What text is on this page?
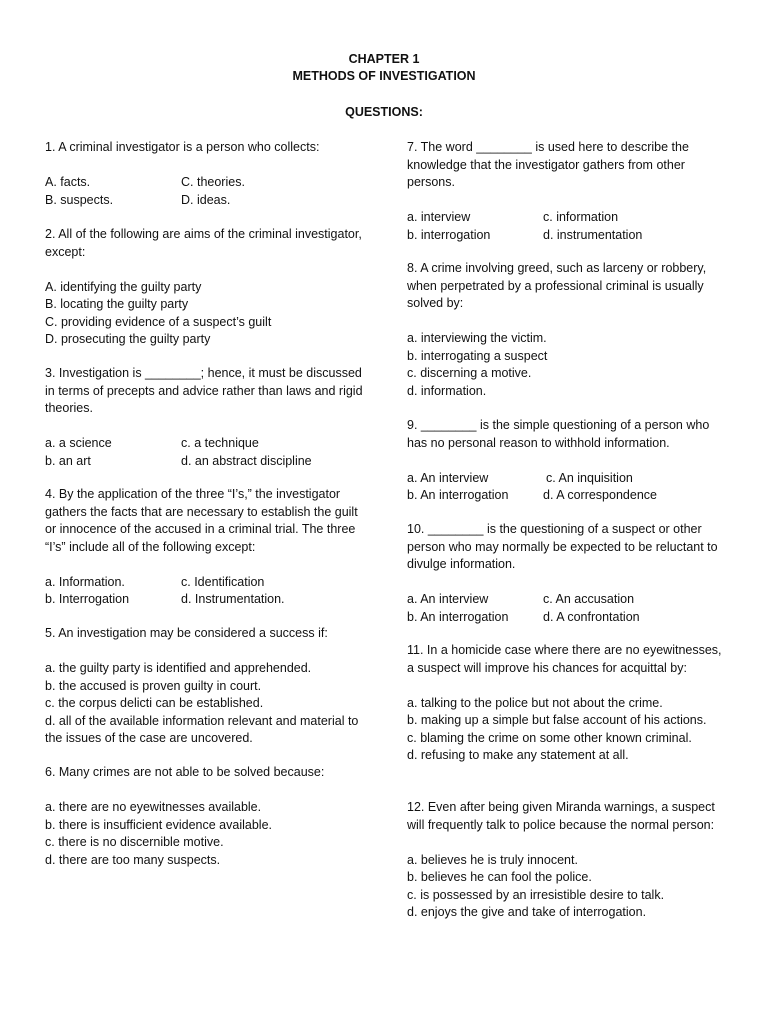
CHAPTER 1
METHODS OF INVESTIGATION
QUESTIONS:

1. A criminal investigator is a person who collects:

A. facts.	C. theories.
B. suspects.	D. ideas.

2. All of the following are aims of the criminal investigator, except:

A. identifying the guilty party
B. locating the guilty party
C. providing evidence of a suspect’s guilt
D. prosecuting the guilty party

3. Investigation is ________; hence, it must be discussed in terms of precepts and advice rather than laws and rigid theories.

a. a science	c. a technique
b. an art	d. an abstract discipline

4. By the application of the three “I’s,” the investigator gathers the facts that are necessary to establish the guilt or innocence of the accused in a criminal trial. The three “I’s” include all of the following except:

a. Information.	c. Identification
b. Interrogation	d. Instrumentation.

5. An investigation may be considered a success if:

a. the guilty party is identified and apprehended.
b. the accused is proven guilty in court.
c. the corpus delicti can be established.
d. all of the available information relevant and material to the issues of the case are uncovered.

6. Many crimes are not able to be solved because:

a. there are no eyewitnesses available.
b. there is insufficient evidence available.
c. there is no discernible motive.
d. there are too many suspects.

7. The word ________ is used here to describe the knowledge that the investigator gathers from other persons.

a. interview	c. information
b. interrogation	d. instrumentation

8. A crime involving greed, such as larceny or robbery, when perpetrated by a professional criminal is usually solved by:

a. interviewing the victim.
b. interrogating a suspect
c. discerning a motive.
d. information.

9. ________ is the simple questioning of a person who has no personal reason to withhold information.

a. An interview	c. An inquisition
b. An interrogation	d. A correspondence

10. ________ is the questioning of a suspect or other person who may normally be expected to be reluctant to divulge information.

a. An interview	c. An accusation
b. An interrogation	d. A confrontation

11. In a homicide case where there are no eyewitnesses, a suspect will improve his chances for acquittal by:

a. talking to the police but not about the crime.
b. making up a simple but false account of his actions.
c. blaming the crime on some other known criminal.
d. refusing to make any statement at all.

12. Even after being given Miranda warnings, a suspect will frequently talk to police because the normal person:

a. believes he is truly innocent.
b. believes he can fool the police.
c. is possessed by an irresistible desire to talk.
d. enjoys the give and take of interrogation.
